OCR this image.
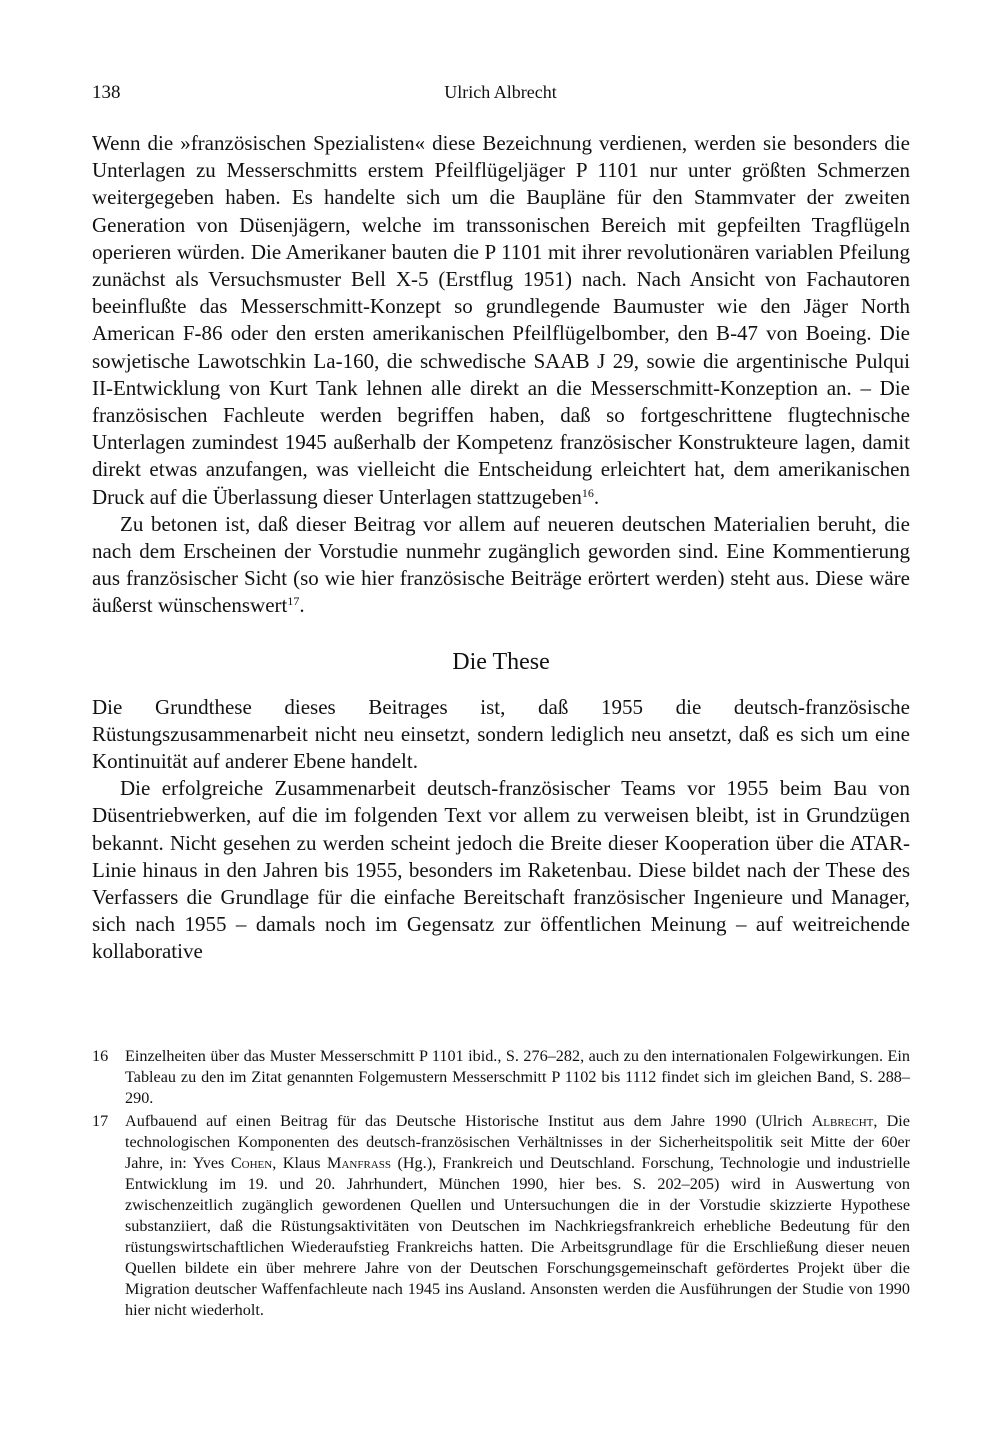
138	Ulrich Albrecht

Wenn die »französischen Spezialisten« diese Bezeichnung verdienen, werden sie besonders die Unterlagen zu Messerschmitts erstem Pfeilflügeljäger P 1101 nur unter größten Schmerzen weitergegeben haben. Es handelte sich um die Baupläne für den Stammvater der zweiten Generation von Düsenjägern, welche im transsonischen Bereich mit gepfeilten Tragflügeln operieren würden. Die Amerikaner bauten die P 1101 mit ihrer revolutionären variablen Pfeilung zunächst als Versuchsmuster Bell X-5 (Erstflug 1951) nach. Nach Ansicht von Fachautoren beeinflußte das Messerschmitt-Konzept so grundlegende Baumuster wie den Jäger North American F-86 oder den ersten amerikanischen Pfeilflügelbomber, den B-47 von Boeing. Die sowjetische Lawotschkin La-160, die schwedische SAAB J 29, sowie die argentinische Pulqui II-Entwicklung von Kurt Tank lehnen alle direkt an die Messerschmitt-Konzeption an. – Die französischen Fachleute werden begriffen haben, daß so fortgeschrittene flugtechnische Unterlagen zumindest 1945 außerhalb der Kompetenz französischer Konstrukteure lagen, damit direkt etwas anzufangen, was vielleicht die Entscheidung erleichtert hat, dem amerikanischen Druck auf die Überlassung dieser Unterlagen stattzugeben$^{16}$.

Zu betonen ist, daß dieser Beitrag vor allem auf neueren deutschen Materialien beruht, die nach dem Erscheinen der Vorstudie nunmehr zugänglich geworden sind. Eine Kommentierung aus französischer Sicht (so wie hier französische Beiträge erörtert werden) steht aus. Diese wäre äußerst wünschenswert$^{17}$.

Die These

Die Grundthese dieses Beitrages ist, daß 1955 die deutsch-französische Rüstungszusammenarbeit nicht neu einsetzt, sondern lediglich neu ansetzt, daß es sich um eine Kontinuität auf anderer Ebene handelt.

Die erfolgreiche Zusammenarbeit deutsch-französischer Teams vor 1955 beim Bau von Düsentriebwerken, auf die im folgenden Text vor allem zu verweisen bleibt, ist in Grundzügen bekannt. Nicht gesehen zu werden scheint jedoch die Breite dieser Kooperation über die ATAR-Linie hinaus in den Jahren bis 1955, besonders im Raketenbau. Diese bildet nach der These des Verfassers die Grundlage für die einfache Bereitschaft französischer Ingenieure und Manager, sich nach 1955 – damals noch im Gegensatz zur öffentlichen Meinung – auf weitreichende kollaborative

16	Einzelheiten über das Muster Messerschmitt P 1101 ibid., S. 276–282, auch zu den internationalen Folgewirkungen. Ein Tableau zu den im Zitat genannten Folgemustern Messerschmitt P 1102 bis 1112 findet sich im gleichen Band, S. 288–290.
17	Aufbauend auf einen Beitrag für das Deutsche Historische Institut aus dem Jahre 1990 (Ulrich Albrecht, Die technologischen Komponenten des deutsch-französischen Verhältnisses in der Sicherheitspolitik seit Mitte der 60er Jahre, in: Yves Cohen, Klaus Manfrass (Hg.), Frankreich und Deutschland. Forschung, Technologie und industrielle Entwicklung im 19. und 20. Jahrhundert, München 1990, hier bes. S. 202–205) wird in Auswertung von zwischenzeitlich zugänglich gewordenen Quellen und Untersuchungen die in der Vorstudie skizzierte Hypothese substanziiert, daß die Rüstungsaktivitäten von Deutschen im Nachkriegsfrankreich erhebliche Bedeutung für den rüstungswirtschaftlichen Wiederaufstieg Frankreichs hatten. Die Arbeitsgrundlage für die Erschließung dieser neuen Quellen bildete ein über mehrere Jahre von der Deutschen Forschungsgemeinschaft gefördertes Projekt über die Migration deutscher Waffenfachleute nach 1945 ins Ausland. Ansonsten werden die Ausführungen der Studie von 1990 hier nicht wiederholt.
